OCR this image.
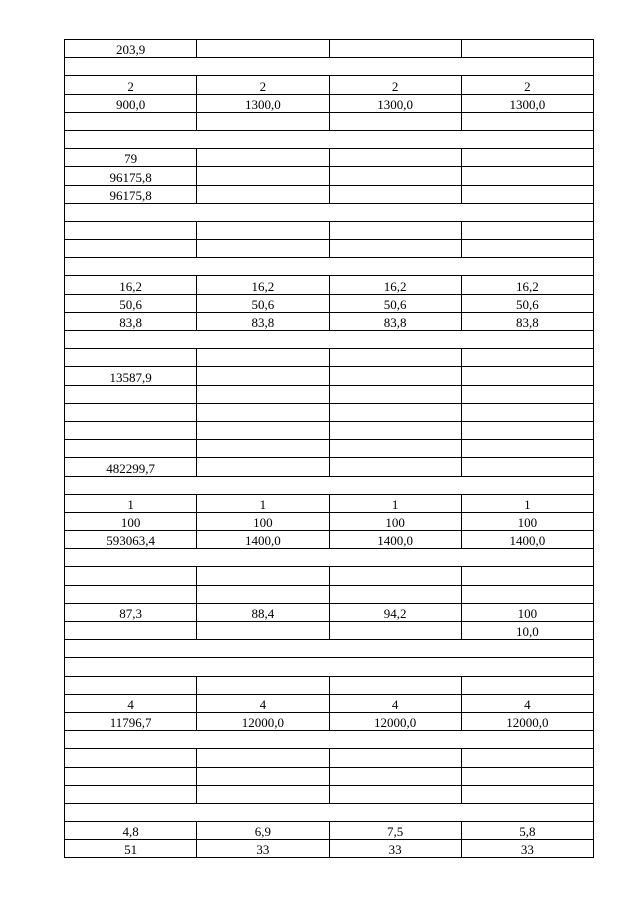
203,9			

2	2	2	2
900,0	1300,0	1300,0	1300,0

79			
96175,8			
96175,8			

16,2	16,2	16,2	16,2
50,6	50,6	50,6	50,6
83,8	83,8	83,8	83,8

13587,9			

482299,7			

1	1	1	1
100	100	100	100
593063,4	1400,0	1400,0	1400,0

87,3	88,4	94,2	100
			10,0

4	4	4	4
11796,7	12000,0	12000,0	12000,0

4,8	6,9	7,5	5,8
51	33	33	33
